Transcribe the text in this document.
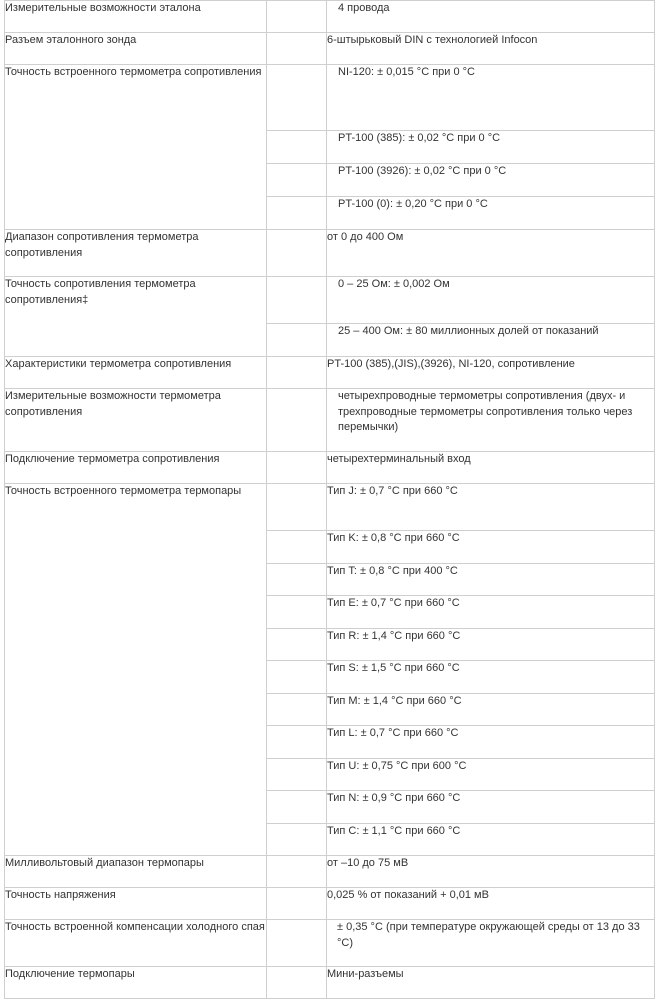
Измерительные возможности эталона		4 провода
Разъем эталонного зонда		6-штырьковый DIN с технологией Infocon
Точность встроенного термометра сопротивления		NI-120: ± 0,015 °C при 0 °C
		PT-100 (385): ± 0,02 °C при 0 °C
		PT-100 (3926): ± 0,02 °C при 0 °C
		PT-100 (0): ± 0,20 °C при 0 °C
Диапазон сопротивления термометра сопротивления		от 0 до 400 Ом
Точность сопротивления термометра сопротивления‡		0 – 25 Ом: ± 0,002 Ом
		25 – 400 Ом: ± 80 миллионных долей от показаний
Характеристики термометра сопротивления		PT-100 (385),(JIS),(3926), NI-120, сопротивление
Измерительные возможности термометра сопротивления		четырехпроводные термометры сопротивления (двух- и трехпроводные термометры сопротивления только через перемычки)
Подключение термометра сопротивления		четырехтерминальный вход
Точность встроенного термометра термопары		Тип J: ± 0,7 °C при 660 °C
		Тип K: ± 0,8 °C при 660 °C
		Тип T: ± 0,8 °C при 400 °C
		Тип E: ± 0,7 °C при 660 °C
		Тип R: ± 1,4 °C при 660 °C
		Тип S: ± 1,5 °C при 660 °C
		Тип M: ± 1,4 °C при 660 °C
		Тип L: ± 0,7 °C при 660 °C
		Тип U: ± 0,75 °C при 600 °C
		Тип N: ± 0,9 °C при 660 °C
		Тип C: ± 1,1 °C при 660 °C
Милливольтовый диапазон термопары		от –10 до 75 мВ
Точность напряжения		0,025 % от показаний + 0,01 мВ
Точность встроенной компенсации холодного спая		± 0,35 °C (при температуре окружающей среды от 13 до 33 °C)
Подключение термопары		Мини-разъемы
